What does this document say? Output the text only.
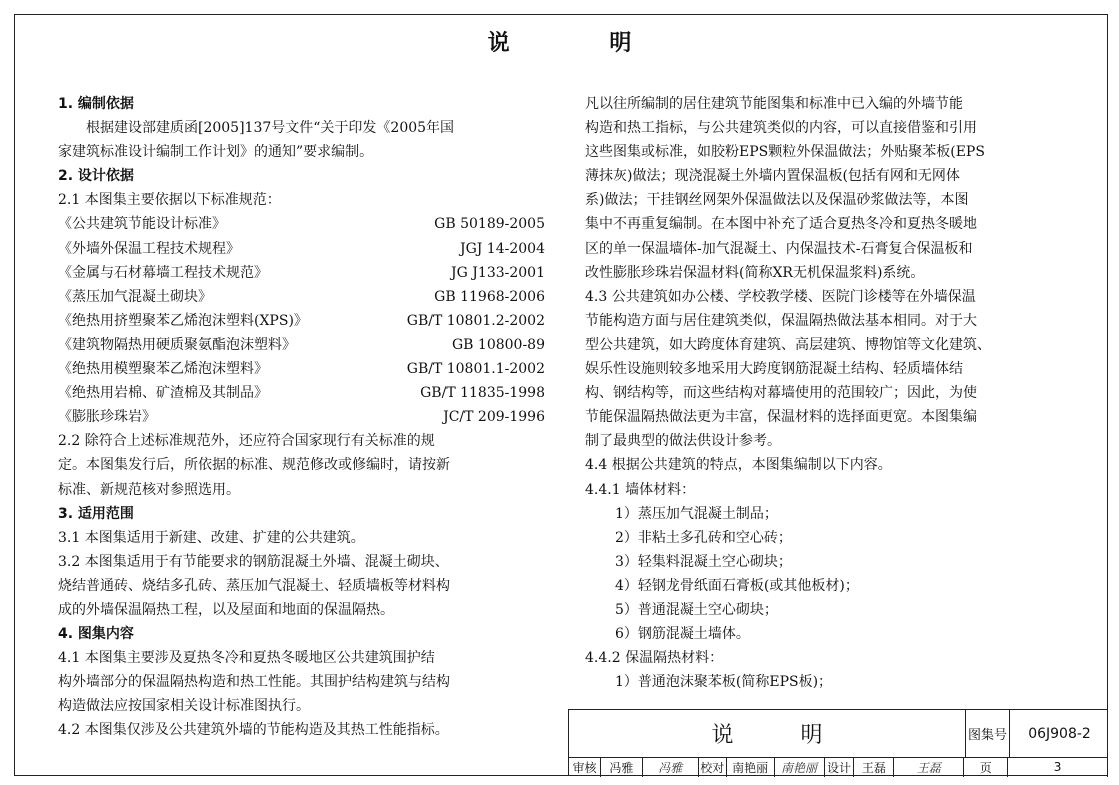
说 明
1. 编制依据
根据建设部建质函[2005]137号文件“关于印发《2005年国
家建筑标准设计编制工作计划》的通知”要求编制。
2. 设计依据
2.1 本图集主要依据以下标准规范：
《公共建筑节能设计标准》	GB 50189-2005
《外墙外保温工程技术规程》	JGJ 14-2004
《金属与石材幕墙工程技术规范》	JG J133-2001
《蒸压加气混凝土砌块》	GB 11968-2006
《绝热用挤塑聚苯乙烯泡沫塑料(XPS)》	GB/T 10801.2-2002
《建筑物隔热用硬质聚氨酯泡沫塑料》	GB 10800-89
《绝热用模塑聚苯乙烯泡沫塑料》	GB/T 10801.1-2002
《绝热用岩棉、矿渣棉及其制品》	GB/T 11835-1998
《膨胀珍珠岩》	JC/T 209-1996
2.2 除符合上述标准规范外，还应符合国家现行有关标准的规
定。本图集发行后，所依据的标准、规范修改或修编时，请按新
标准、新规范核对参照选用。
3. 适用范围
3.1 本图集适用于新建、改建、扩建的公共建筑。
3.2 本图集适用于有节能要求的钢筋混凝土外墙、混凝土砌块、
烧结普通砖、烧结多孔砖、蒸压加气混凝土、轻质墙板等材料构
成的外墙保温隔热工程，以及屋面和地面的保温隔热。
4. 图集内容
4.1 本图集主要涉及夏热冬冷和夏热冬暖地区公共建筑围护结
构外墙部分的保温隔热构造和热工性能。其围护结构建筑与结构
构造做法应按国家相关设计标准图执行。
4.2 本图集仅涉及公共建筑外墙的节能构造及其热工性能指标。
凡以往所编制的居住建筑节能图集和标准中已入编的外墙节能
构造和热工指标，与公共建筑类似的内容，可以直接借鉴和引用
这些图集或标准，如胶粉EPS颗粒外保温做法；外贴聚苯板(EPS
薄抹灰)做法；现浇混凝土外墙内置保温板(包括有网和无网体
系)做法；干挂钢丝网架外保温做法以及保温砂浆做法等，本图
集中不再重复编制。在本图中补充了适合夏热冬冷和夏热冬暖地
区的单一保温墙体-加气混凝土、内保温技术-石膏复合保温板和
改性膨胀珍珠岩保温材料(简称XR无机保温浆料)系统。
4.3 公共建筑如办公楼、学校教学楼、医院门诊楼等在外墙保温
节能构造方面与居住建筑类似，保温隔热做法基本相同。对于大
型公共建筑，如大跨度体育建筑、高层建筑、博物馆等文化建筑、
娱乐性设施则较多地采用大跨度钢筋混凝土结构、轻质墙体结
构、钢结构等，而这些结构对幕墙使用的范围较广；因此，为使
节能保温隔热做法更为丰富，保温材料的选择面更宽。本图集编
制了最典型的做法供设计参考。
4.4 根据公共建筑的特点，本图集编制以下内容。
4.4.1 墙体材料：
1）蒸压加气混凝土制品；
2）非粘土多孔砖和空心砖；
3）轻集料混凝土空心砌块；
4）轻钢龙骨纸面石膏板(或其他板材)；
5）普通混凝土空心砌块；
6）钢筋混凝土墙体。
4.4.2 保温隔热材料：
1）普通泡沫聚苯板(简称EPS板)；
说 明	图集号	06J908-2
审核	冯雅	冯雅	校对 南艳丽	南艳丽 设计 王磊	王磊	页	3
